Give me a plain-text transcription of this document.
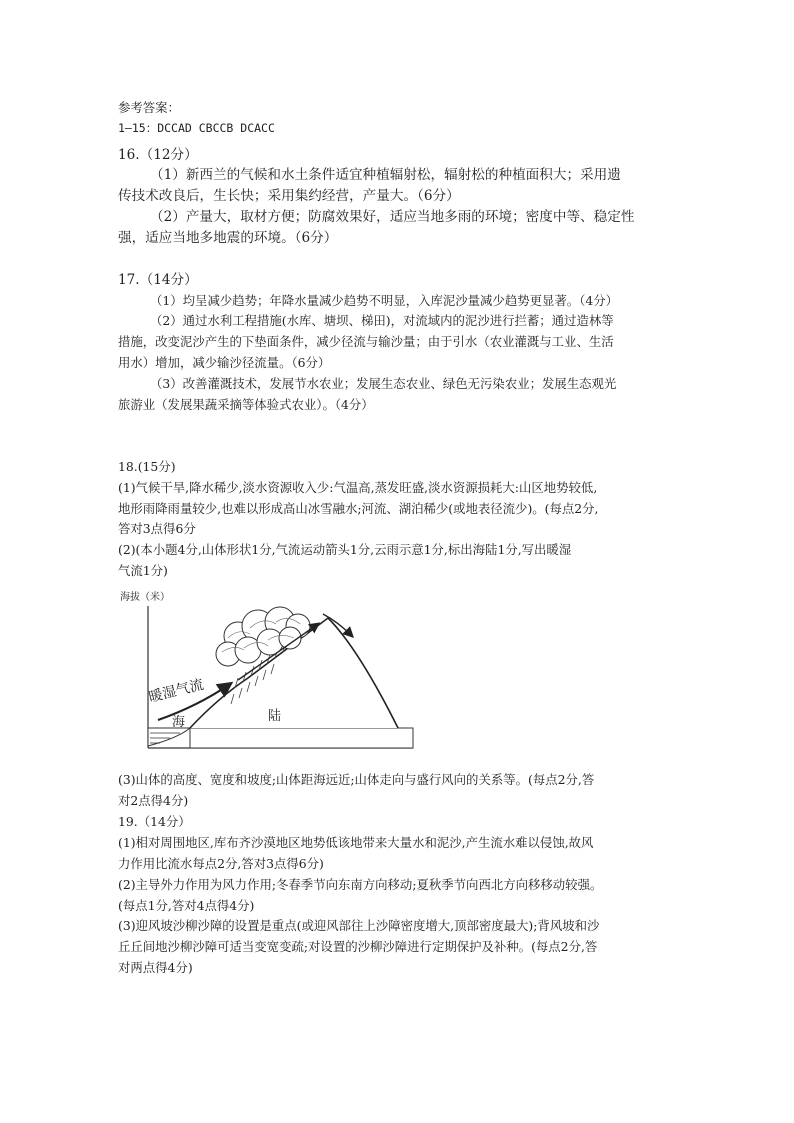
参考答案：
1—15：DCCAD CBCCB DCACC
16.（12分）
（1）新西兰的气候和水土条件适宜种植辐射松，辐射松的种植面积大；采用遗
传技术改良后，生长快；采用集约经营，产量大。（6分）
（2）产量大，取材方便；防腐效果好，适应当地多雨的环境；密度中等、稳定性
强，适应当地多地震的环境。（6分）
17.（14分）
（1）均呈减少趋势；年降水量减少趋势不明显，入库泥沙量减少趋势更显著。（4分）
（2）通过水利工程措施(水库、塘坝、梯田)，对流域内的泥沙进行拦蓄；通过造林等
措施，改变泥沙产生的下垫面条件，减少径流与输沙量；由于引水（农业灌溉与工业、生活
用水）增加，减少输沙径流量。（6分）
（3）改善灌溉技术，发展节水农业；发展生态农业、绿色无污染农业；发展生态观光
旅游业（发展果蔬采摘等体验式农业）。（4分）
18.(15分)
(1)气候干旱,降水稀少,淡水资源收入少:气温高,蒸发旺盛,淡水资源损耗大:山区地势较低,
地形雨降雨量较少,也难以形成高山冰雪融水;河流、湖泊稀少(或地表径流少)。(每点2分,
答对3点得6分
(2)(本小题4分,山体形状1分,气流运动箭头1分,云雨示意1分,标出海陆1分,写出暖湿
气流1分)
海拔（米）
暖湿气流
海	陆
(3)山体的高度、宽度和坡度;山体距海远近;山体走向与盛行风向的关系等。(每点2分,答
对2点得4分)
19.（14分）
(1)相对周围地区,库布齐沙漠地区地势低该地带来大量水和泥沙,产生流水难以侵蚀,故风
力作用比流水每点2分,答对3点得6分)
(2)主导外力作用为风力作用;冬春季节向东南方向移动;夏秋季节向西北方向移移动较强。
(每点1分,答对4点得4分)
(3)迎风坡沙柳沙障的设置是重点(或迎风部往上沙障密度增大,顶部密度最大);背风坡和沙
丘丘间地沙柳沙障可适当变宽变疏;对设置的沙柳沙障进行定期保护及补种。(每点2分,答
对两点得4分)
